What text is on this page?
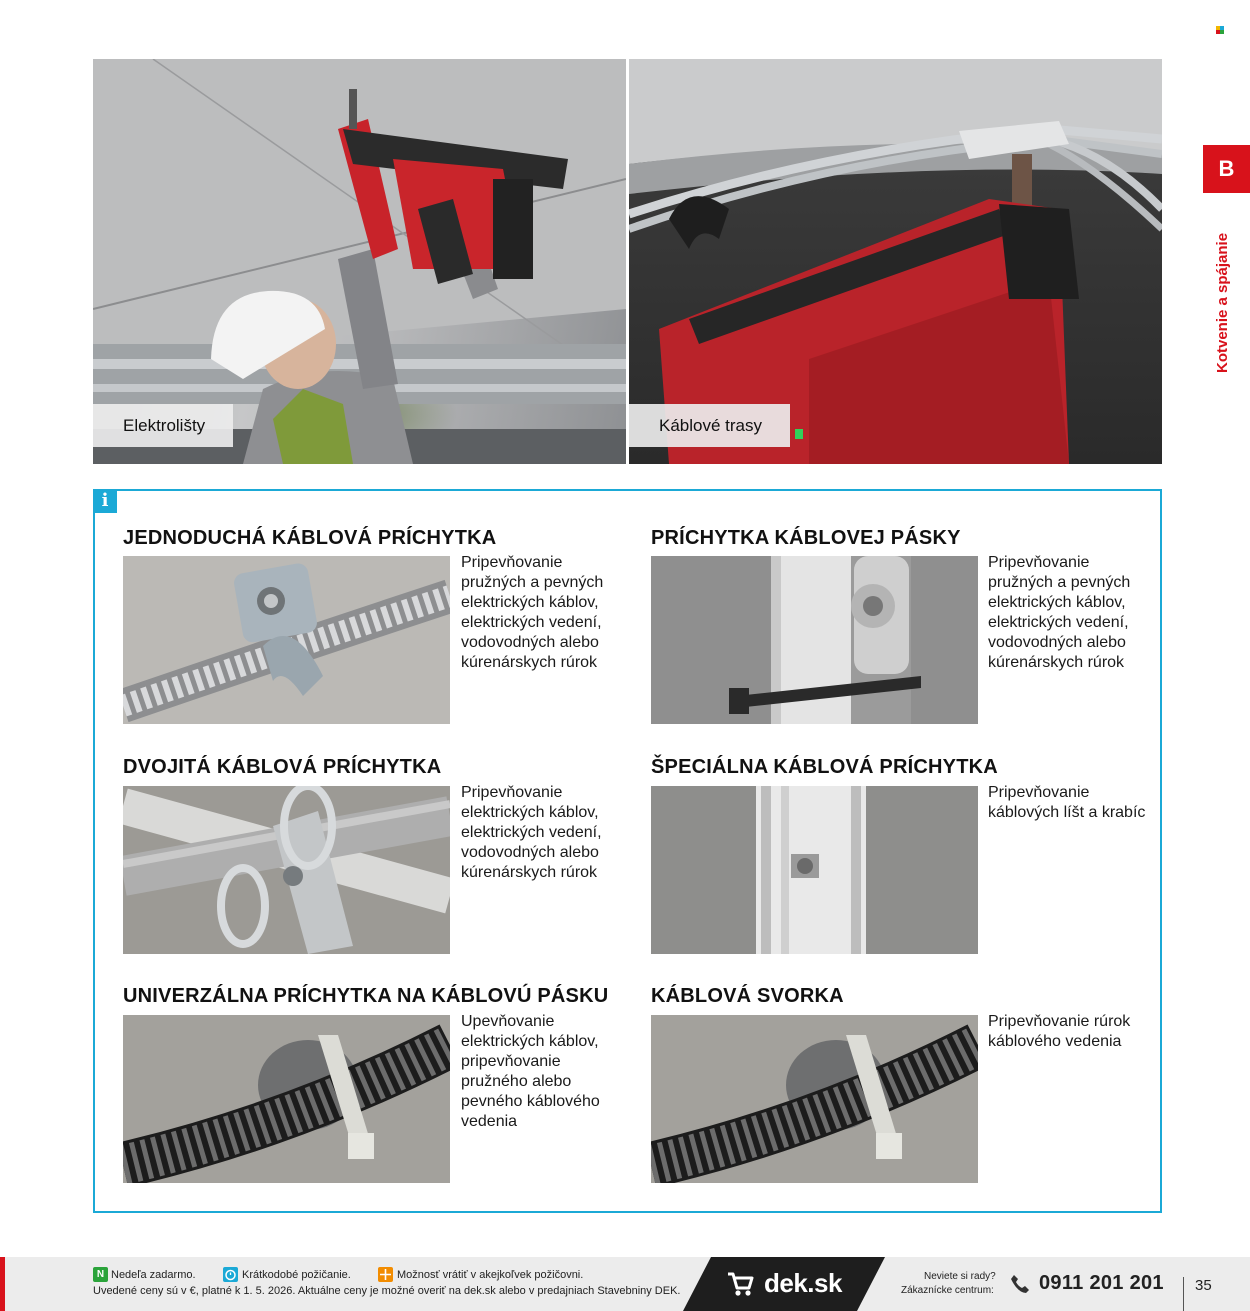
Elektrolišty	Káblové trasy
B
Kotvenie a spájanie
i
JEDNODUCHÁ KÁBLOVÁ PRÍCHYTKA
Pripevňovanie
pružných a pevných
elektrických káblov,
elektrických vedení,
vodovodných alebo
kúrenárskych rúrok
PRÍCHYTKA KÁBLOVEJ PÁSKY
Pripevňovanie
pružných a pevných
elektrických káblov,
elektrických vedení,
vodovodných alebo
kúrenárskych rúrok
DVOJITÁ KÁBLOVÁ PRÍCHYTKA
Pripevňovanie
elektrických káblov,
elektrických vedení,
vodovodných alebo
kúrenárskych rúrok
ŠPECIÁLNA KÁBLOVÁ PRÍCHYTKA
Pripevňovanie
káblových líšt a krabíc
UNIVERZÁLNA PRÍCHYTKA NA KÁBLOVÚ PÁSKU
Upevňovanie
elektrických káblov,
pripevňovanie
pružného alebo
pevného káblového
vedenia
KÁBLOVÁ SVORKA
Pripevňovanie rúrok
káblového vedenia
N Nedeľa zadarmo.	Krátkodobé požičanie.	Možnosť vrátiť v akejkoľvek požičovni.
Uvedené ceny sú v €, platné k 1. 5. 2026. Aktuálne ceny je možné overiť na dek.sk alebo v predajniach Stavebniny DEK.	dek.sk	Neviete si rady?
Zákaznícke centrum: 0911 201 201 35
